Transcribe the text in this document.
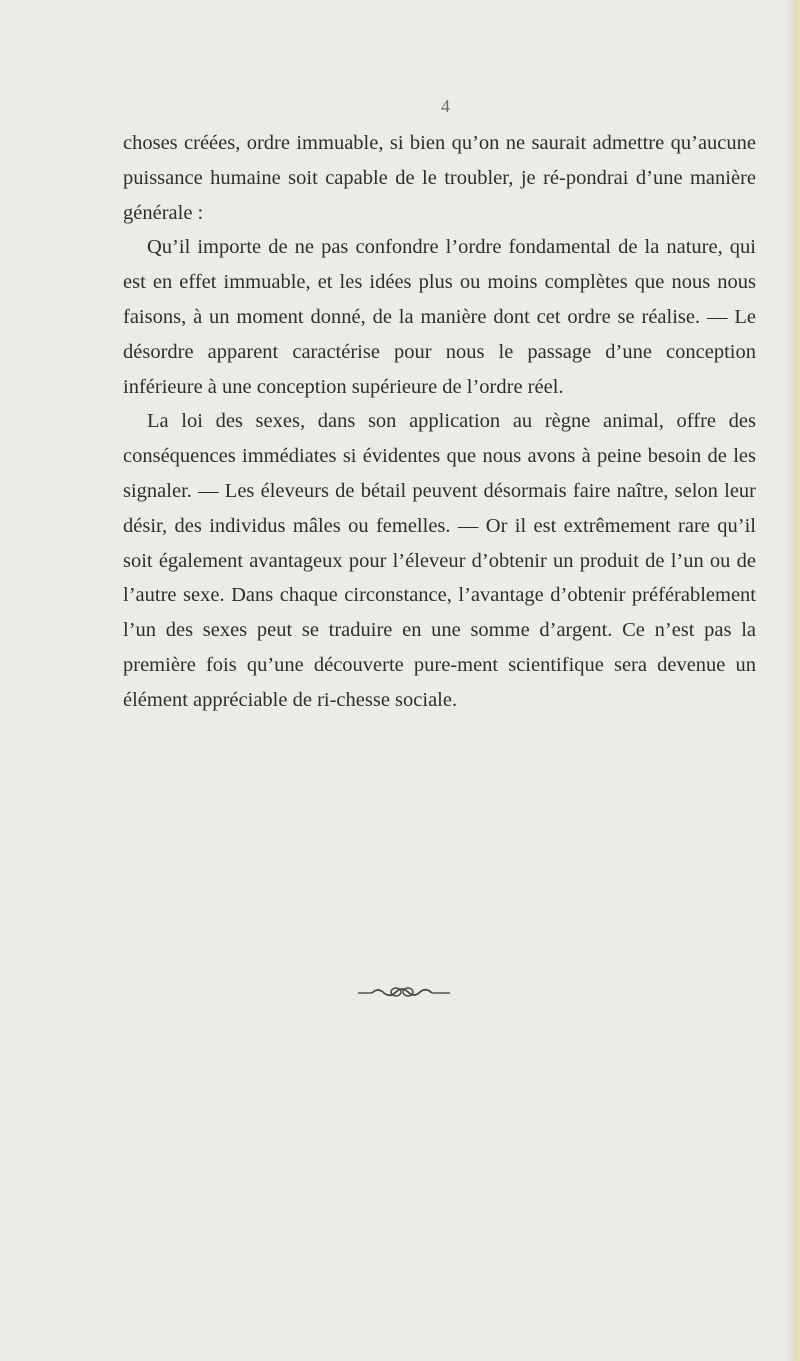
4

choses créées, ordre immuable, si bien qu’on ne saurait admettre qu’aucune puissance humaine soit capable de le troubler, je ré-pondrai d’une manière générale :

Qu’il importe de ne pas confondre l’ordre fondamental de la nature, qui est en effet immuable, et les idées plus ou moins complètes que nous nous faisons, à un moment donné, de la manière dont cet ordre se réalise. — Le désordre apparent caractérise pour nous le passage d’une conception inférieure à une conception supérieure de l’ordre réel.

La loi des sexes, dans son application au règne animal, offre des conséquences immédiates si évidentes que nous avons à peine besoin de les signaler. — Les éleveurs de bétail peuvent désormais faire naître, selon leur désir, des individus mâles ou femelles. — Or il est extrêmement rare qu’il soit également avantageux pour l’éleveur d’obtenir un produit de l’un ou de l’autre sexe. Dans chaque circonstance, l’avantage d’obtenir préférablement l’un des sexes peut se traduire en une somme d’argent. Ce n’est pas la première fois qu’une découverte pure-ment scientifique sera devenue un élément appréciable de ri-chesse sociale.
